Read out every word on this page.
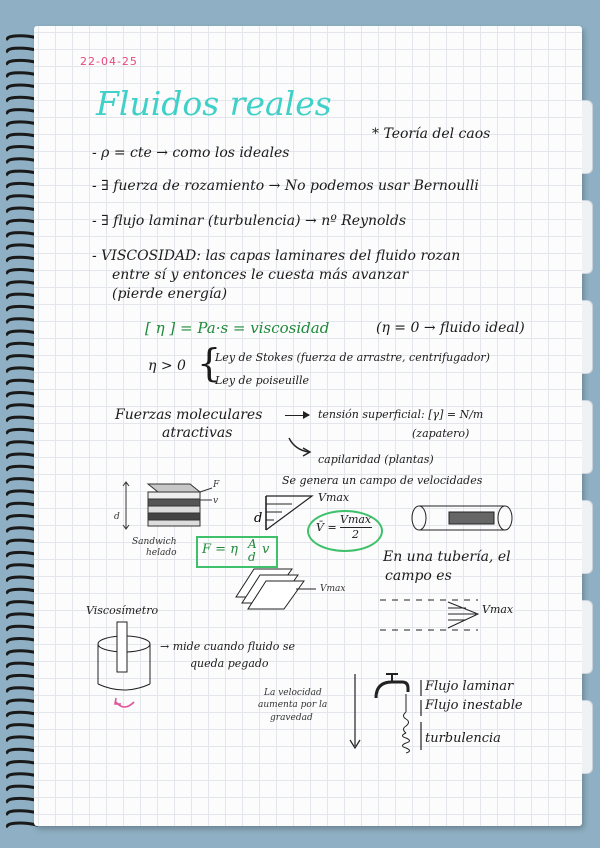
22-04-25
Fluidos reales
* Teoría del caos
- ρ = cte → como los ideales
- ∃ fuerza de rozamiento → No podemos usar Bernoulli
- ∃ flujo laminar (turbulencia) → nº Reynolds
- VISCOSIDAD: las capas laminares del fluido rozan
entre sí y entonces le cuesta más avanzar
(pierde energía)
[ η ] = Pa·s = viscosidad	(η = 0 → fluido ideal)
η > 0 {
Ley de Stokes (fuerza de arrastre, centrifugador)
Ley de poiseuille
Fuerzas moleculares
atractivas
tensión superficial: [γ] = N/m
(zapatero)
capilaridad (plantas)
Se genera un campo de velocidades
d
F
v
Sandwich
helado
d
Vmax
V̄ =
Vmax
2
F = η A
d v	En una tubería, el
campo es
Vmax
Vmax
Viscosímetro
→ mide cuando fluido se
queda pegado
La velocidad
aumenta por la
gravedad
Flujo laminar
Flujo inestable
turbulencia
